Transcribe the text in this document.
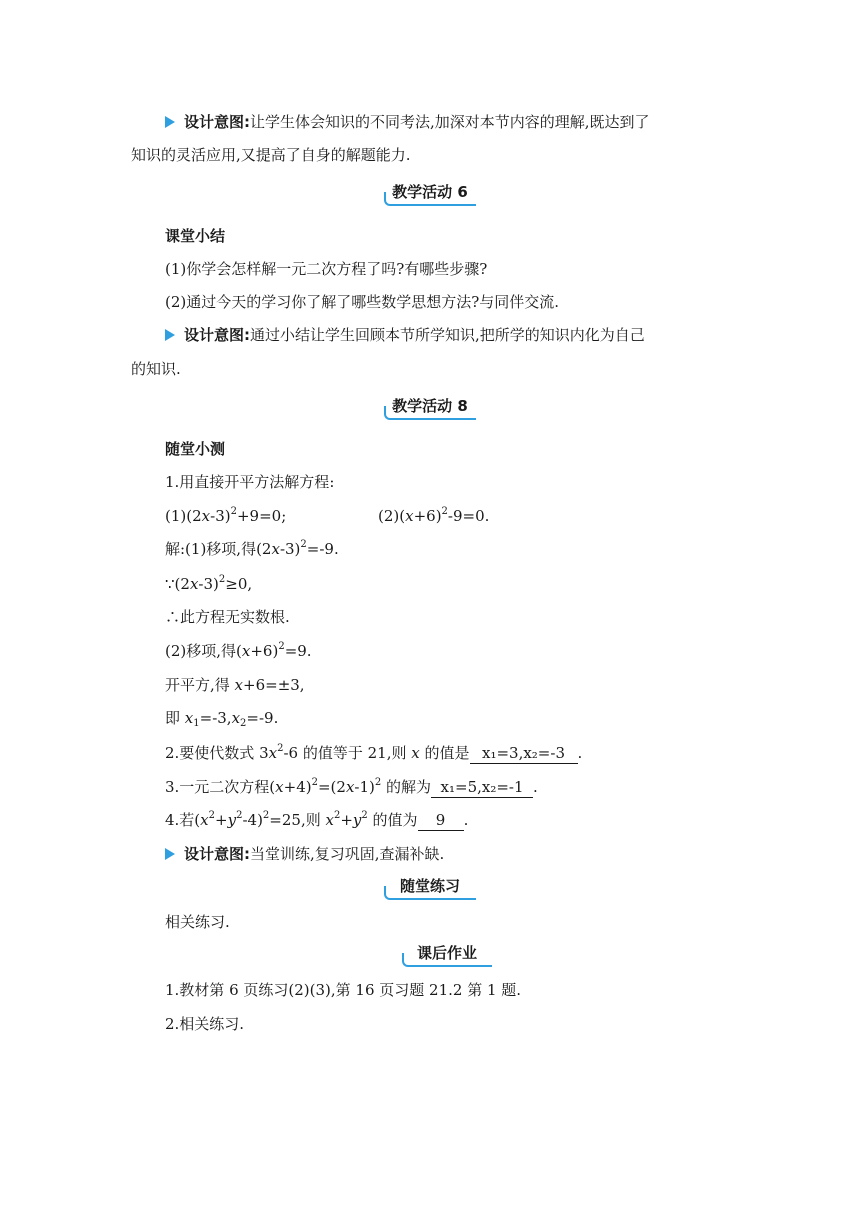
设计意图:让学生体会知识的不同考法,加深对本节内容的理解,既达到了
知识的灵活应用,又提高了自身的解题能力.
教学活动 6
课堂小结
(1)你学会怎样解一元二次方程了吗?有哪些步骤?
(2)通过今天的学习你了解了哪些数学思想方法?与同伴交流.
设计意图:通过小结让学生回顾本节所学知识,把所学的知识内化为自己
的知识.
教学活动 8
随堂小测
1.用直接开平方法解方程:
$(1)(2x-3)^2+9=0$;	$(2)(x+6)^2-9=0$.
解:(1)移项,得$(2x-3)^2=-9$.
$\because(2x-3)^2\ge 0$,
∴此方程无实数根.
(2)移项,得$(x+6)^2=9$.
开平方,得 x+6=±3,
即 $x_1=-3,x_2=-9$.
2.要使代数式 $3x^2-6$ 的值等于 21,则 x 的值是 x₁=3,x₂=-3 .
3.一元二次方程$(x+4)^2=(2x-1)^2$ 的解为 x₁=5,x₂=-1 .
4.若$(x^2+y^2-4)^2=25$,则 $x^2+y^2$ 的值为 9 .
设计意图:当堂训练,复习巩固,查漏补缺.
随堂练习
相关练习.
课后作业
1.教材第 6 页练习(2)(3),第 16 页习题 21.2 第 1 题.
2.相关练习.
